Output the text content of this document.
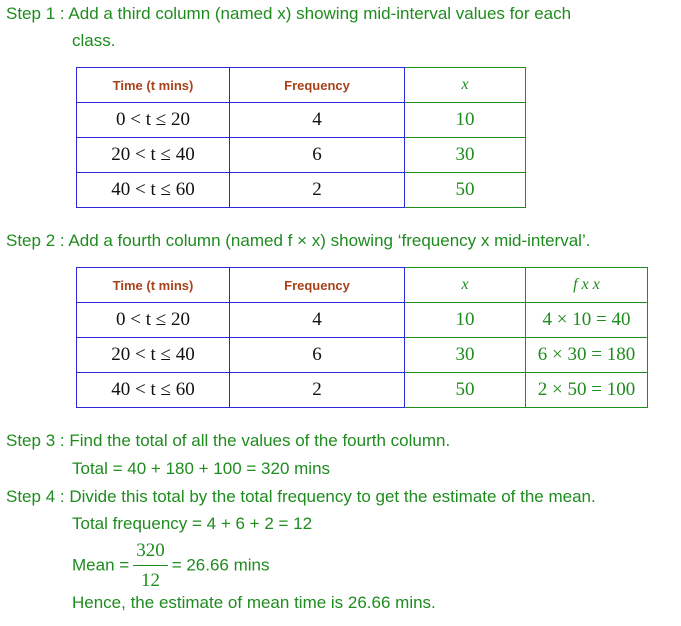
Step 1 : Add a third column (named x) showing mid-interval values for each
class.
Time (t mins)	Frequency	x
0 < t ≤ 20	4	10
20 < t ≤ 40	6	30
40 < t ≤ 60	2	50
Step 2 : Add a fourth column (named f × x) showing ‘frequency x mid-interval’.
Time (t mins)	Frequency	x	f x x
0 < t ≤ 20	4	10	4 × 10 = 40
20 < t ≤ 40	6	30	6 × 30 = 180
40 < t ≤ 60	2	50	2 × 50 = 100
Step 3 : Find the total of all the values of the fourth column.
Total = 40 + 180 + 100 = 320 mins
Step 4 : Divide this total by the total frequency to get the estimate of the mean.
Total frequency = 4 + 6 + 2 = 12
Mean = $\frac{320}{12} = 26.66$ mins
Hence, the estimate of mean time is 26.66 mins.
